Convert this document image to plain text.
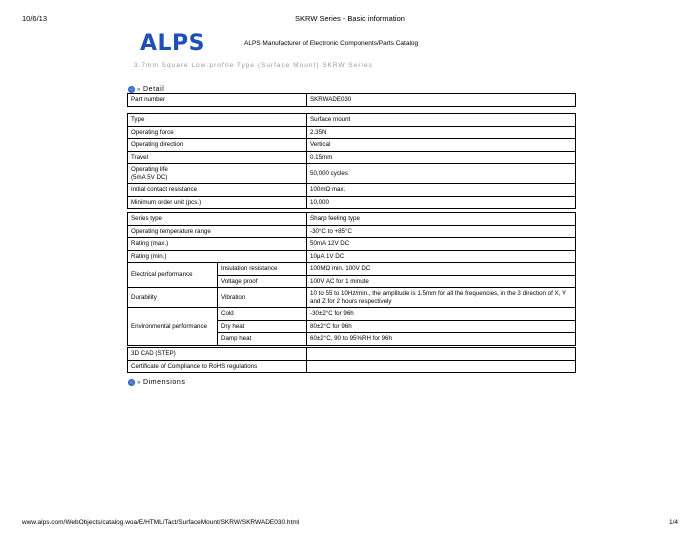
10/6/13	SKRW Series - Basic information
ALPS	ALPS Manufacturer of Electronic Components/Parts Catalog
3.7mm Square Low-profile Type (Surface Mount) SKRW Series
» Detail
Part number	SKRWADE030
Type	Surface mount
Operating force	2.35N
Operating direction	Vertical
Travel	0.15mm
Operating life
(5mA 5V DC)	50,000 cycles
Initial contact resistance	100mΩ max.
Minimum order unit (pcs.)	10,000
Series type		Sharp feeling type
Operating temperature range		-30°C to +85°C
Rating (max.)		50mA 12V DC
Rating (min.)		10μA 1V DC
Electrical performance	Insulation resistance	100MΩ min. 100V DC
	Voltage proof	100V AC for 1 minute
Durability	Vibration	10 to 55 to 10Hz/min., the amplitude is 1.5mm for all the frequencies, in the 3 direction of X, Y and Z for 2 hours respectively
Environmental performance	Cold	-30±2°C for 96h
	Dry heat	80±2°C for 96h
	Damp heat	60±2°C, 90 to 95%RH for 96h
3D CAD (STEP)	
Certificate of Compliance to RoHS regulations	
» Dimensions
www.alps.com/WebObjects/catalog.woa/E/HTML/Tact/SurfaceMount/SKRW/SKRWADE030.html	1/4
